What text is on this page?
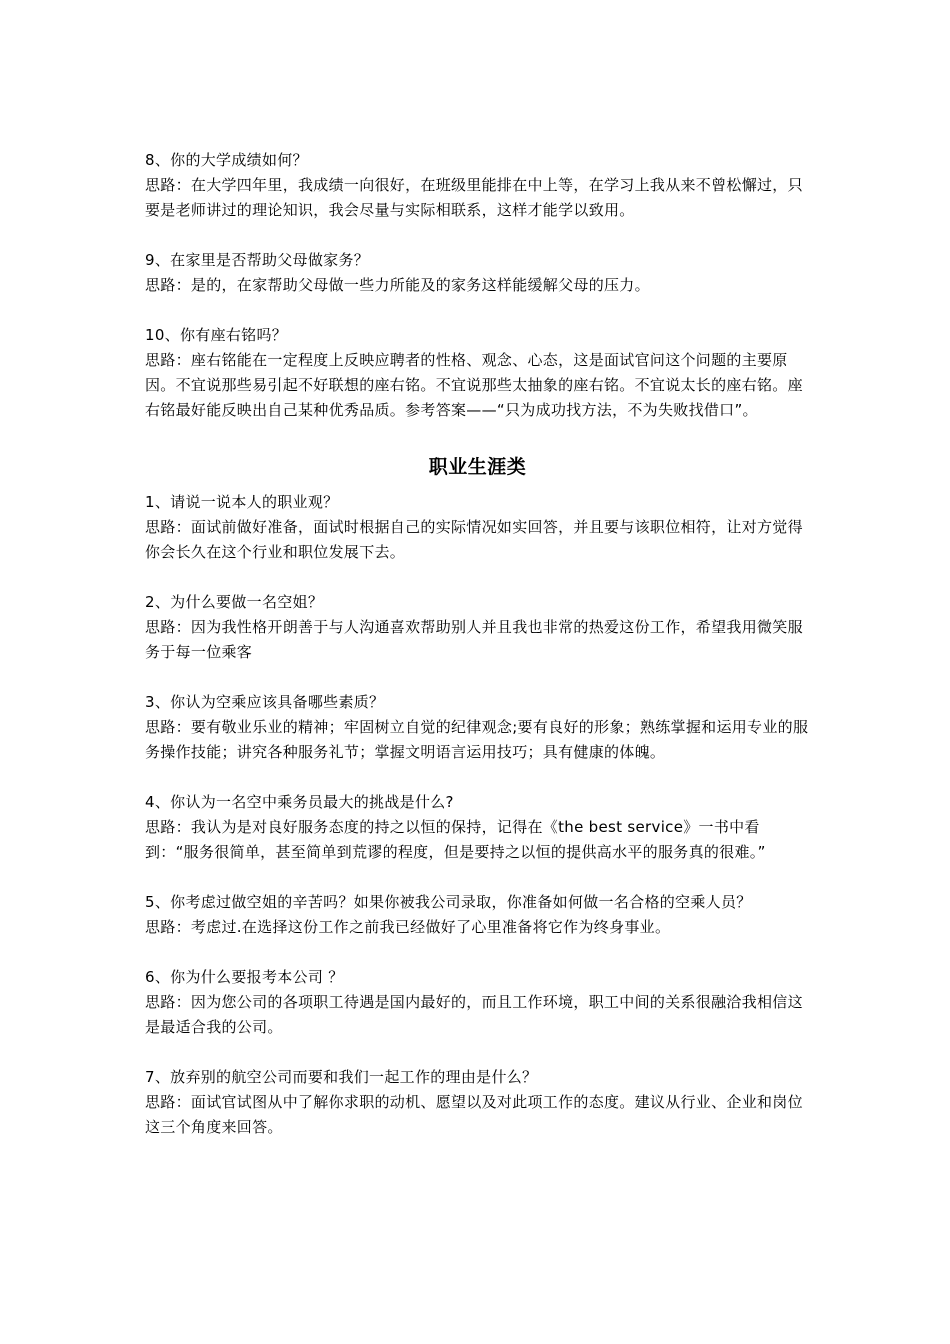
8、你的大学成绩如何？

思路：在大学四年里，我成绩一向很好，在班级里能排在中上等，在学习上我从来不曾松懈过，只要是老师讲过的理论知识，我会尽量与实际相联系，这样才能学以致用。

9、在家里是否帮助父母做家务？

思路：是的，在家帮助父母做一些力所能及的家务这样能缓解父母的压力。

10、你有座右铭吗？

思路：座右铭能在一定程度上反映应聘者的性格、观念、心态，这是面试官问这个问题的主要原因。不宜说那些易引起不好联想的座右铭。不宜说那些太抽象的座右铭。不宜说太长的座右铭。座右铭最好能反映出自己某种优秀品质。参考答案——“只为成功找方法，不为失败找借口”。

职业生涯类

1、请说一说本人的职业观？

思路：面试前做好准备，面试时根据自己的实际情况如实回答，并且要与该职位相符，让对方觉得你会长久在这个行业和职位发展下去。

2、为什么要做一名空姐？

思路：因为我性格开朗善于与人沟通喜欢帮助别人并且我也非常的热爱这份工作，希望我用微笑服务于每一位乘客

3、你认为空乘应该具备哪些素质？

思路：要有敬业乐业的精神；牢固树立自觉的纪律观念;要有良好的形象；熟练掌握和运用专业的服务操作技能；讲究各种服务礼节；掌握文明语言运用技巧；具有健康的体魄。

4、你认为一名空中乘务员最大的挑战是什么?

思路：我认为是对良好服务态度的持之以恒的保持，记得在《the best service》一书中看到：“服务很简单，甚至简单到荒谬的程度，但是要持之以恒的提供高水平的服务真的很难。”

5、你考虑过做空姐的辛苦吗？如果你被我公司录取，你准备如何做一名合格的空乘人员？

思路：考虑过.在选择这份工作之前我已经做好了心里准备将它作为终身事业。

6、你为什么要报考本公司 ？

思路：因为您公司的各项职工待遇是国内最好的，而且工作环境，职工中间的关系很融洽我相信这是最适合我的公司。

7、放弃别的航空公司而要和我们一起工作的理由是什么？

思路：面试官试图从中了解你求职的动机、愿望以及对此项工作的态度。建议从行业、企业和岗位这三个角度来回答。
